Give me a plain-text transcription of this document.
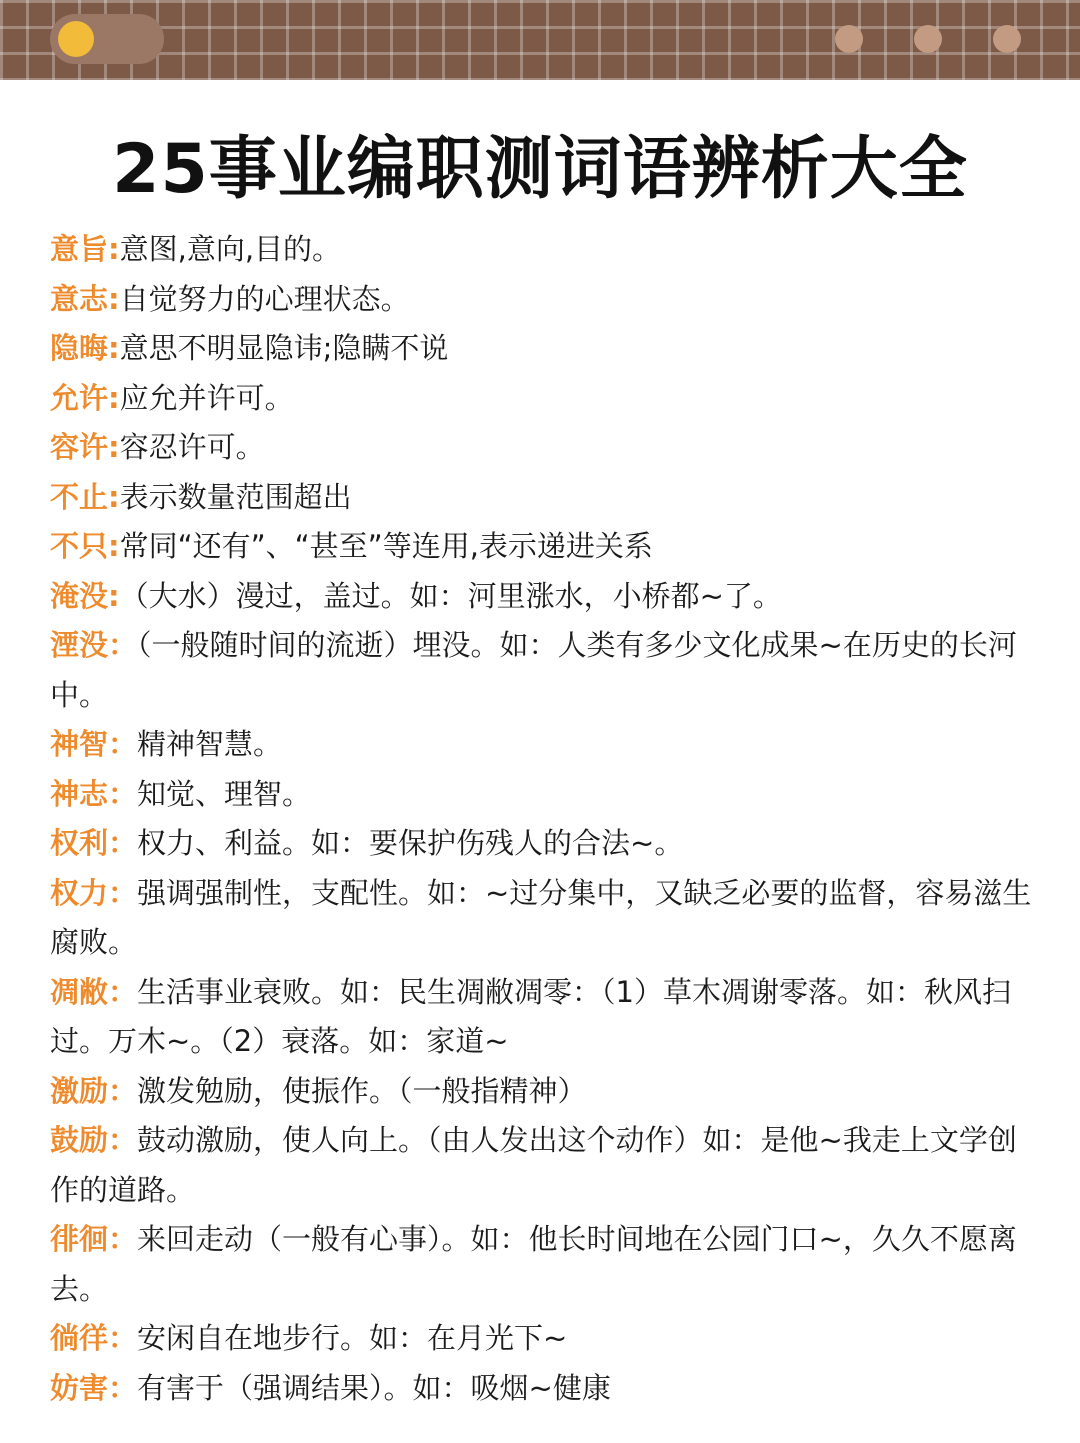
25事业编职测词语辨析大全
意旨:意图,意向,目的。
意志:自觉努力的心理状态。
隐晦:意思不明显隐讳;隐瞒不说
允许:应允并许可。
容许:容忍许可。
不止:表示数量范围超出
不只:常同“还有”、“甚至”等连用,表示递进关系
淹没:（大水）漫过，盖过。如：河里涨水，小桥都~了。
湮没：（一般随时间的流逝）埋没。如：人类有多少文化成果~在历史的长河中。
神智：精神智慧。
神志：知觉、理智。
权利：权力、利益。如：要保护伤残人的合法~。
权力：强调强制性，支配性。如：~过分集中，又缺乏必要的监督，容易滋生腐败。
凋敝：生活事业衰败。如：民生凋敝凋零：（1）草木凋谢零落。如：秋风扫过。万木~。（2）衰落。如：家道~
激励：激发勉励，使振作。（一般指精神）
鼓励：鼓动激励，使人向上。（由人发出这个动作）如：是他~我走上文学创作的道路。
徘徊：来回走动（一般有心事）。如：他长时间地在公园门口~，久久不愿离去。
徜徉：安闲自在地步行。如：在月光下~
妨害：有害于（强调结果）。如：吸烟~健康
